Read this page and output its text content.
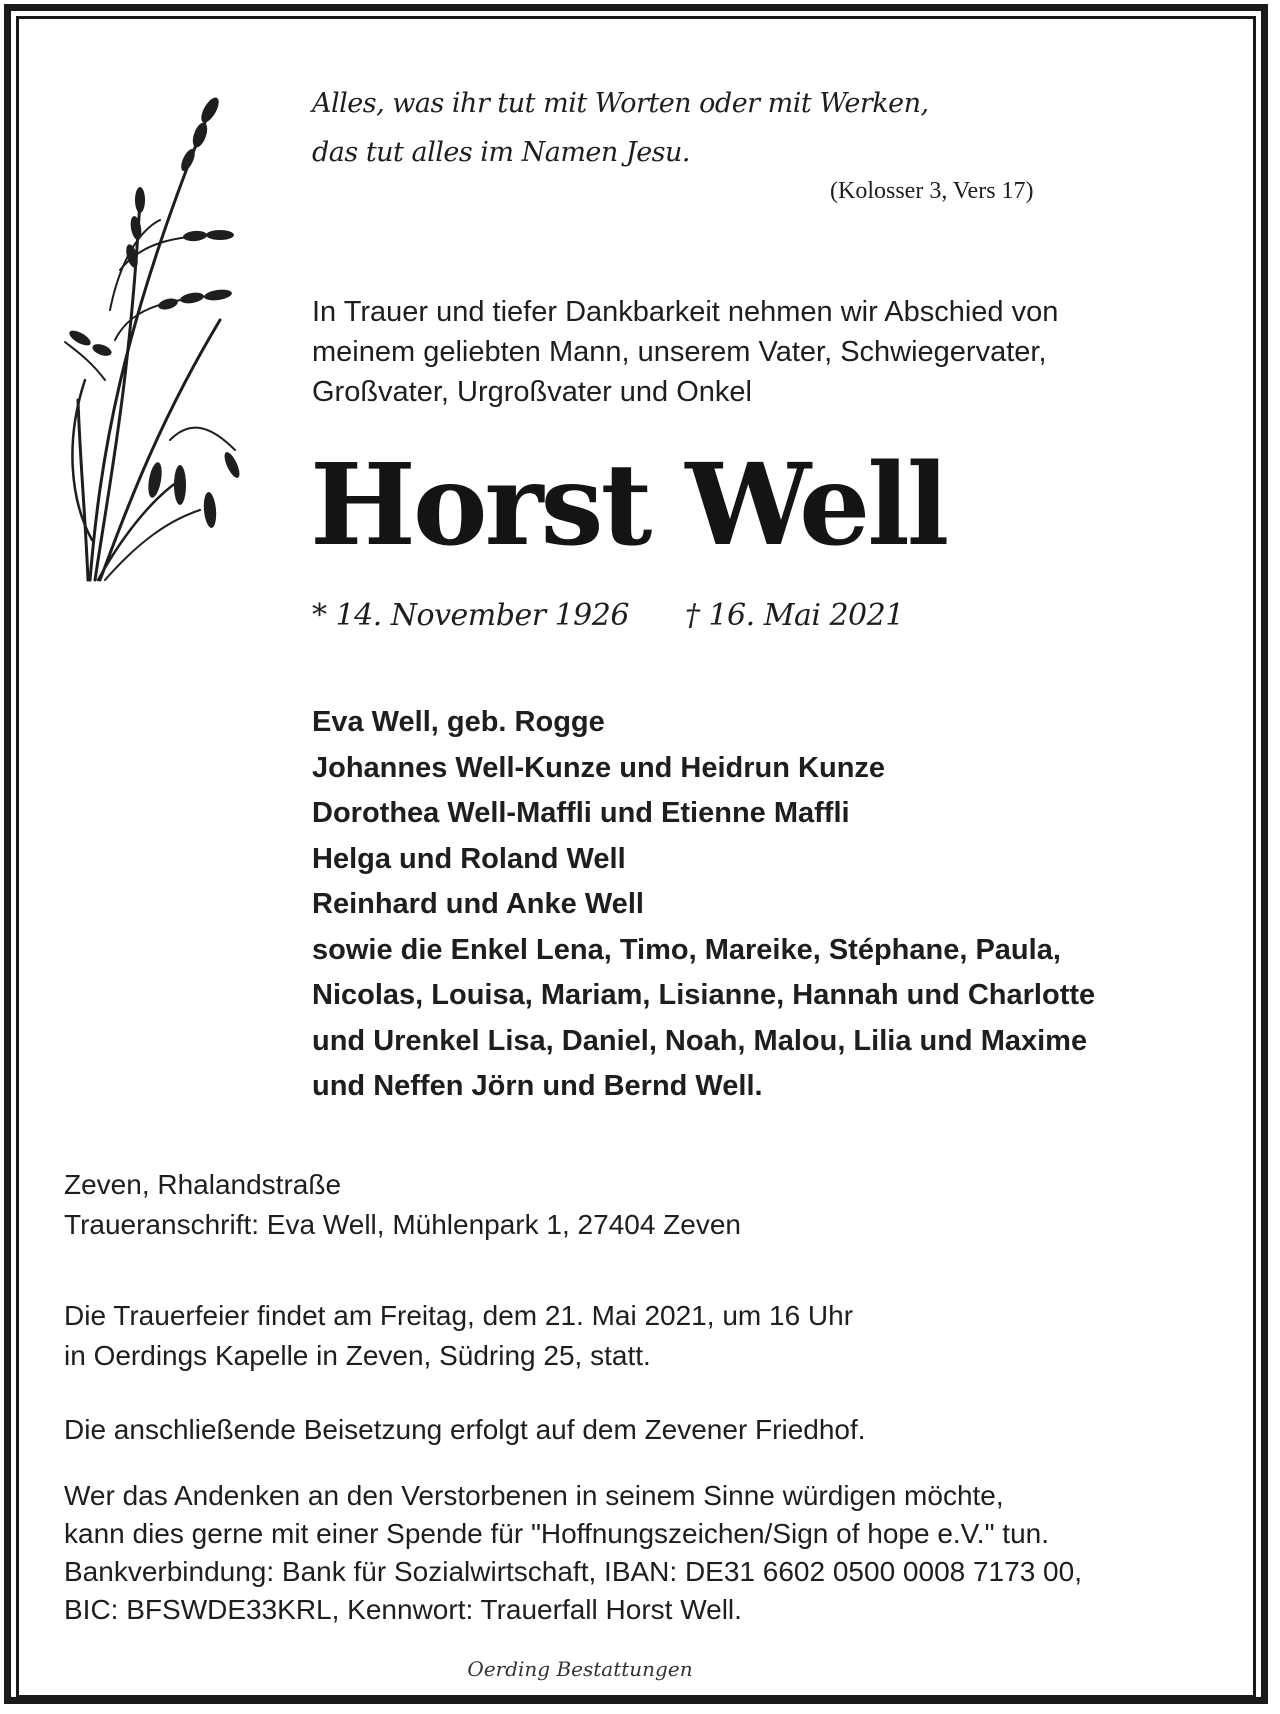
Alles, was ihr tut mit Worten oder mit Werken,

das tut alles im Namen Jesu.

(Kolosser 3, Vers 17)

In Trauer und tiefer Dankbarkeit nehmen wir Abschied von
meinem geliebten Mann, unserem Vater, Schwiegervater,
Großvater, Urgroßvater und Onkel
Horst Well
* 14. November 1926 † 16. Mai 2021
Eva Well, geb. Rogge
Johannes Well-Kunze und Heidrun Kunze
Dorothea Well-Maffli und Etienne Maffli
Helga und Roland Well
Reinhard und Anke Well
sowie die Enkel Lena, Timo, Mareike, Stéphane, Paula,
Nicolas, Louisa, Mariam, Lisianne, Hannah und Charlotte
und Urenkel Lisa, Daniel, Noah, Malou, Lilia und Maxime
und Neffen Jörn und Bernd Well.
Zeven, Rhalandstraße
Traueranschrift: Eva Well, Mühlenpark 1, 27404 Zeven
Die Trauerfeier findet am Freitag, dem 21. Mai 2021, um 16 Uhr
in Oerdings Kapelle in Zeven, Südring 25, statt.
Die anschließende Beisetzung erfolgt auf dem Zevener Friedhof.
Wer das Andenken an den Verstorbenen in seinem Sinne würdigen möchte,
kann dies gerne mit einer Spende für "Hoffnungszeichen/Sign of hope e.V." tun.
Bankverbindung: Bank für Sozialwirtschaft, IBAN: DE31 6602 0500 0008 7173 00,
BIC: BFSWDE33KRL, Kennwort: Trauerfall Horst Well.
Oerding Bestattungen
